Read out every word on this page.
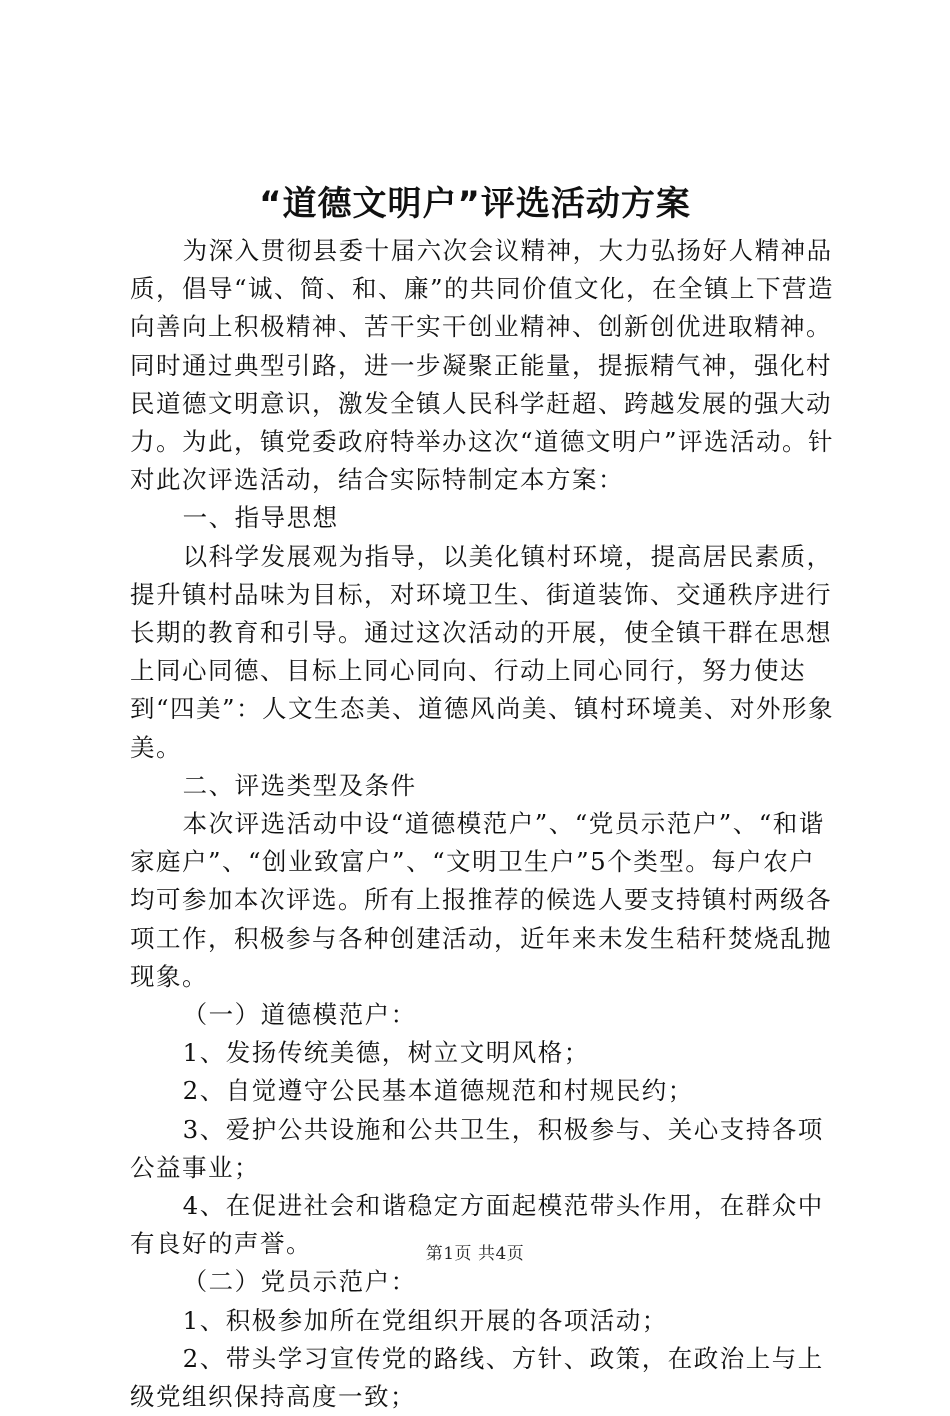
“道德文明户”评选活动方案

为深入贯彻县委十届六次会议精神，大力弘扬好人精神品质，倡导“诚、简、和、廉”的共同价值文化，在全镇上下营造向善向上积极精神、苦干实干创业精神、创新创优进取精神。同时通过典型引路，进一步凝聚正能量，提振精气神，强化村民道德文明意识，激发全镇人民科学赶超、跨越发展的强大动力。为此，镇党委政府特举办这次“道德文明户”评选活动。针对此次评选活动，结合实际特制定本方案：

一、指导思想

以科学发展观为指导，以美化镇村环境，提高居民素质，提升镇村品味为目标，对环境卫生、街道装饰、交通秩序进行长期的教育和引导。通过这次活动的开展，使全镇干群在思想上同心同德、目标上同心同向、行动上同心同行，努力使达到“四美”：人文生态美、道德风尚美、镇村环境美、对外形象美。

二、评选类型及条件

本次评选活动中设“道德模范户”、“党员示范户”、“和谐家庭户”、“创业致富户”、“文明卫生户”5个类型。每户农户均可参加本次评选。所有上报推荐的候选人要支持镇村两级各项工作，积极参与各种创建活动，近年来未发生秸秆焚烧乱抛现象。

（一）道德模范户：

1、发扬传统美德，树立文明风格；

2、自觉遵守公民基本道德规范和村规民约；

3、爱护公共设施和公共卫生，积极参与、关心支持各项公益事业；

4、在促进社会和谐稳定方面起模范带头作用，在群众中有良好的声誉。

（二）党员示范户：

1、积极参加所在党组织开展的各项活动；

2、带头学习宣传党的路线、方针、政策，在政治上与上级党组织保持高度一致；

第1页 共4页
